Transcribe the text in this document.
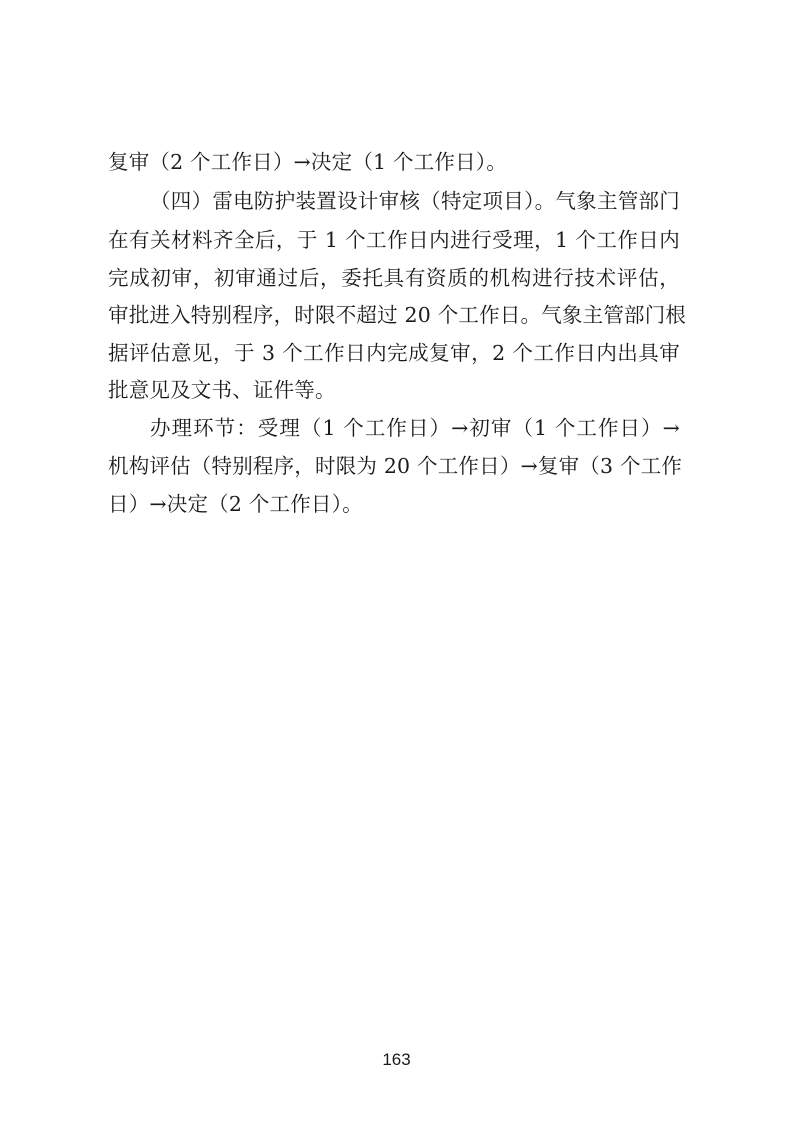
复审（2 个工作日）→决定（1 个工作日）。
（四）雷电防护装置设计审核（特定项目）。气象主管部门
在有关材料齐全后，于 1 个工作日内进行受理，1 个工作日内
完成初审，初审通过后，委托具有资质的机构进行技术评估，
审批进入特别程序，时限不超过 20 个工作日。气象主管部门根
据评估意见，于 3 个工作日内完成复审，2 个工作日内出具审
批意见及文书、证件等。
办理环节：受理（1 个工作日）→初审（1 个工作日）→
机构评估（特别程序，时限为 20 个工作日）→复审（3 个工作
日）→决定（2 个工作日）。
163
